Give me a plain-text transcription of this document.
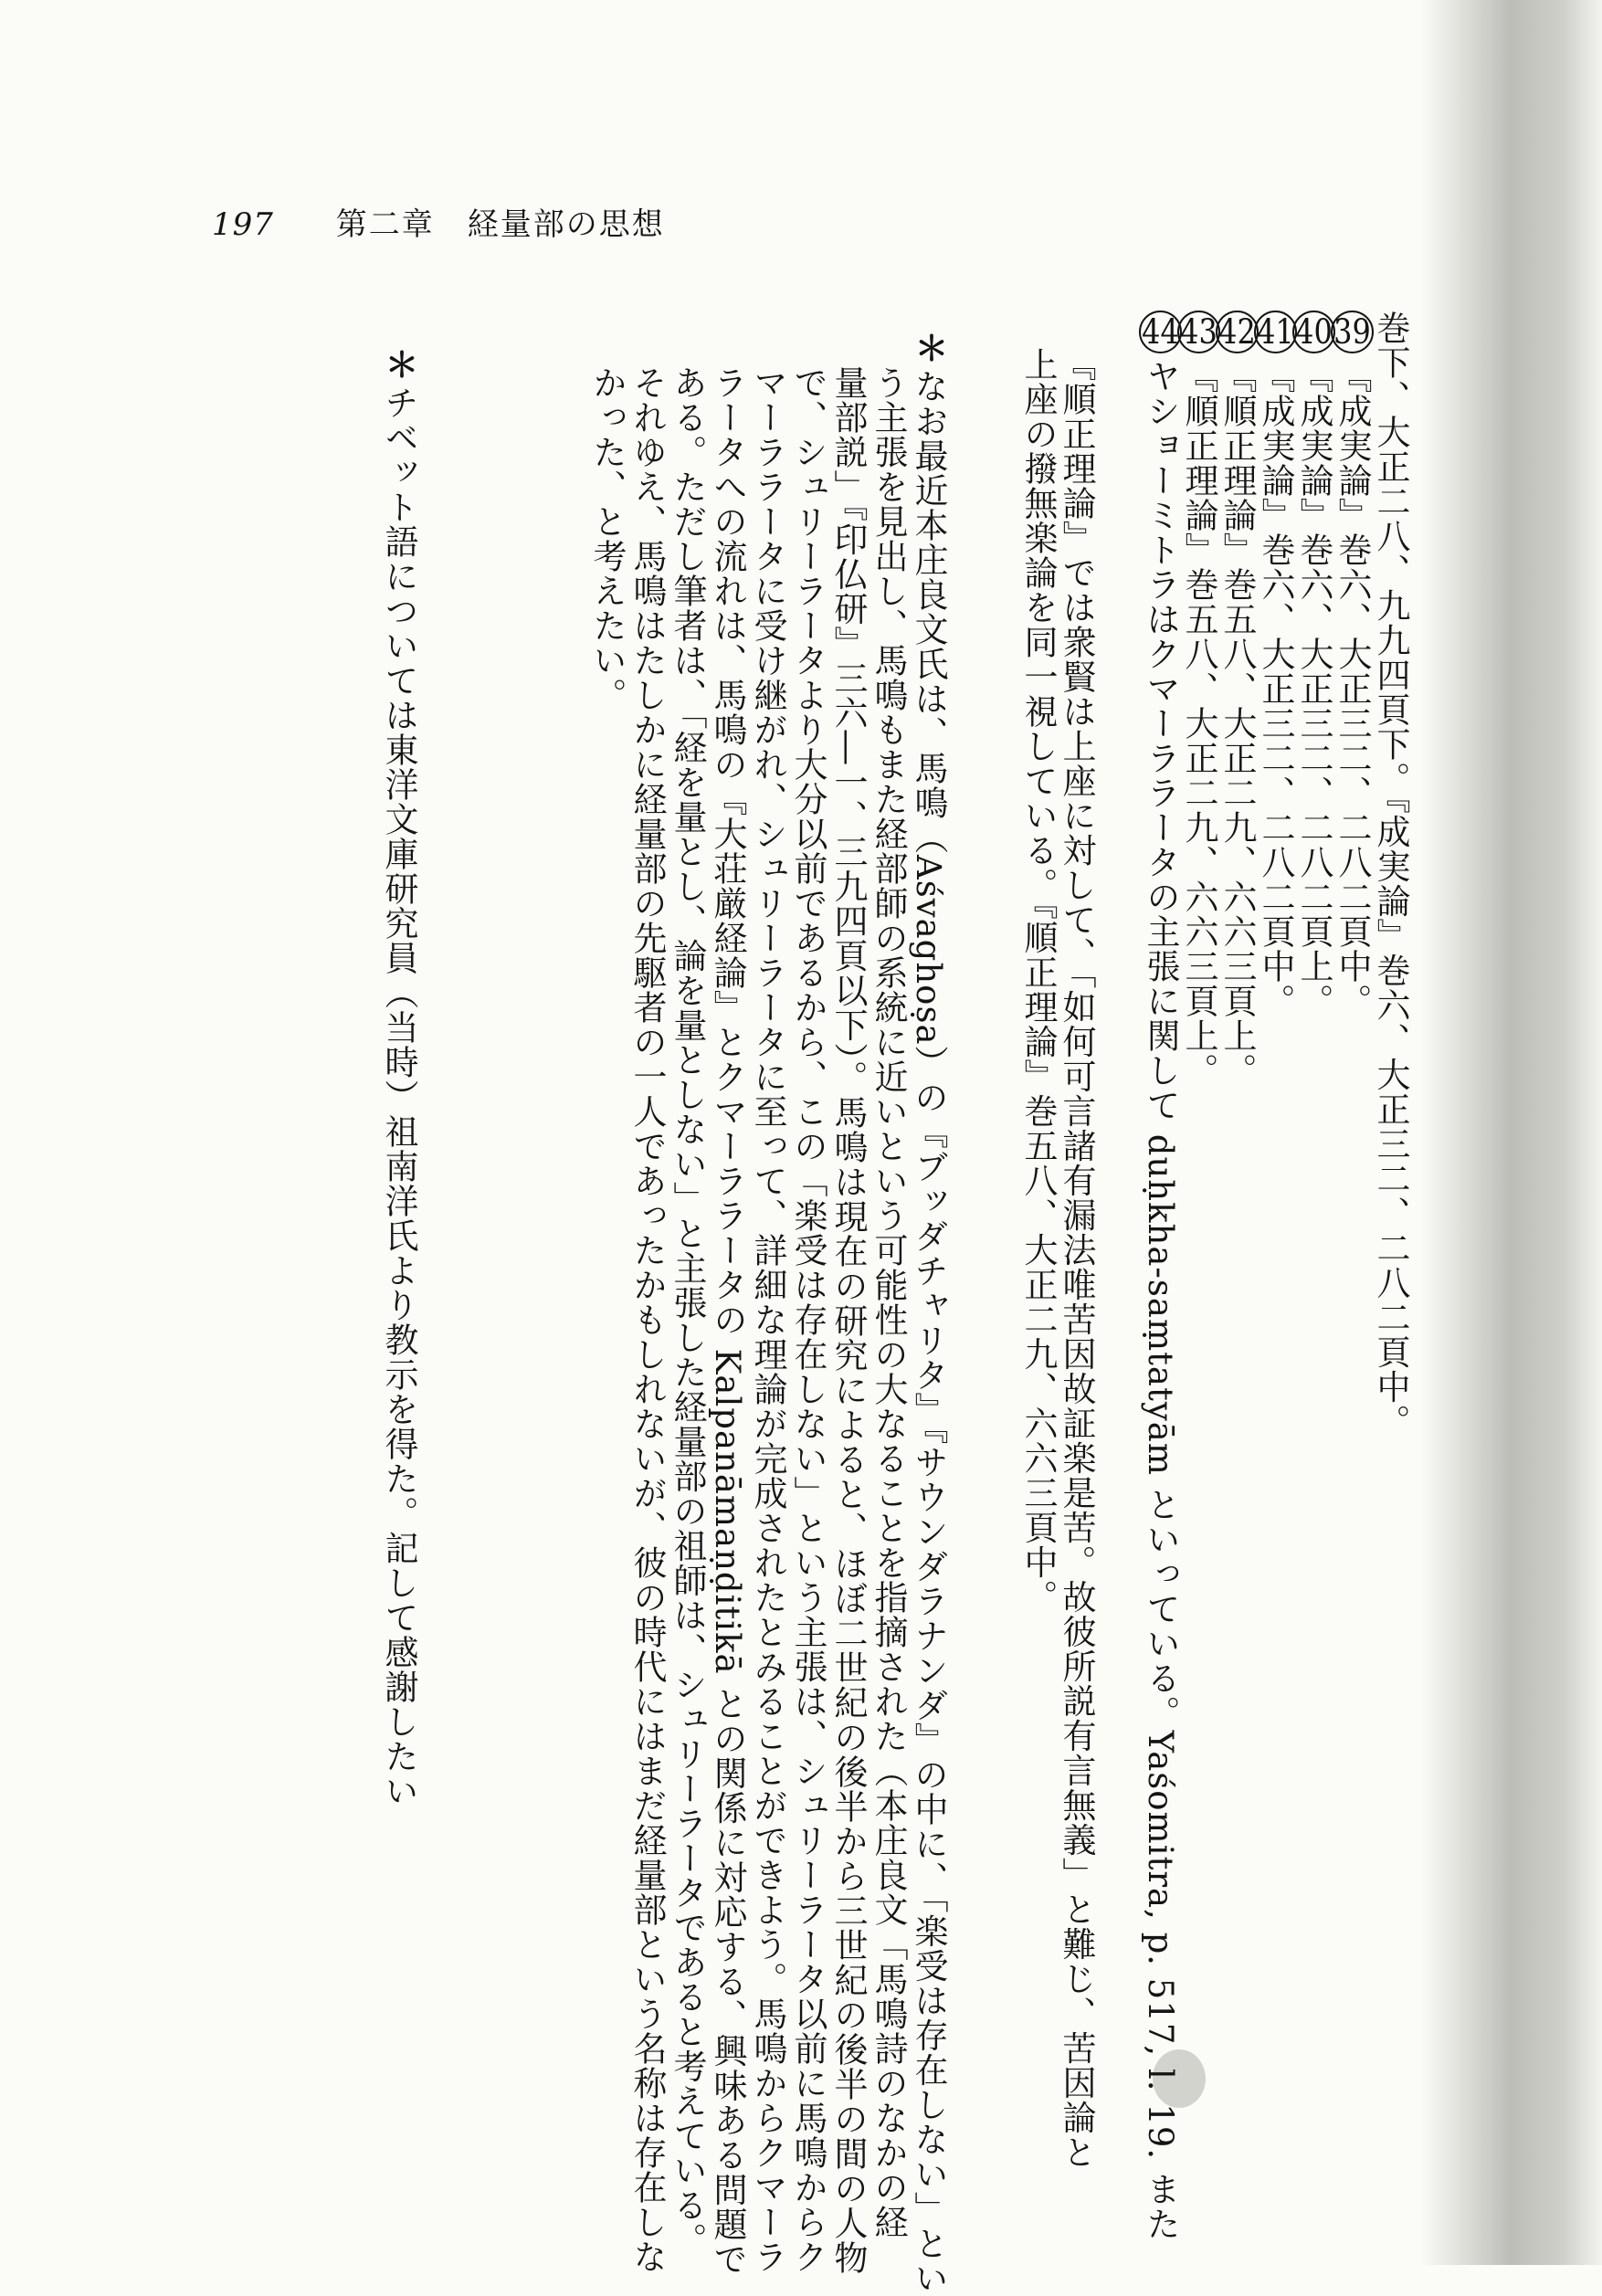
197 第二章　経量部の思想
巻下、大正二八、九九四頁下。『成実論』巻六、大正三二、二八二頁中。
39『成実論』巻六、大正三二、二八二頁中。
40『成実論』巻六、大正三二、二八二頁上。
41『成実論』巻六、大正三二、二八二頁中。
42『順正理論』巻五八、大正二九、六六三頁上。
43『順正理論』巻五八、大正二九、六六三頁上。
44ヤショーミトラはクマーララータの主張に関して duḥkha-saṃtatyām といっている。Yaśomitra, p. 517, l. 19. また
『順正理論』では衆賢は上座に対して、「如何可言諸有漏法唯苦因故証楽是苦。故彼所説有言無義」と難じ、苦因論と
上座の撥無楽論を同一視している。『順正理論』巻五八、大正二九、六六三頁中。
＊なお最近本庄良文氏は、馬鳴（Aśvaghoṣa）の『ブッダチャリタ』『サウンダラナンダ』の中に、「楽受は存在しない」とい
う主張を見出し、馬鳴もまた経部師の系統に近いという可能性の大なることを指摘された（本庄良文「馬鳴詩のなかの経
量部説」『印仏研』三六―一、三九四頁以下）。馬鳴は現在の研究によると、ほぼ二世紀の後半から三世紀の後半の間の人物
で、シュリーラータより大分以前であるから、この「楽受は存在しない」という主張は、シュリーラータ以前に馬鳴からク
マーララータに受け継がれ、シュリーラータに至って、詳細な理論が完成されたとみることができよう。馬鳴からクマーラ
ラータへの流れは、馬鳴の『大荘厳経論』とクマーララータの Kalpanāmaṇḍitikā との関係に対応する、興味ある問題で
ある。ただし筆者は、「経を量とし、論を量としない」と主張した経量部の祖師は、シュリーラータであると考えている。
それゆえ、馬鳴はたしかに経量部の先駆者の一人であったかもしれないが、彼の時代にはまだ経量部という名称は存在しな
かった、と考えたい。
＊チベット語については東洋文庫研究員（当時）祖南洋氏より教示を得た。記して感謝したい
